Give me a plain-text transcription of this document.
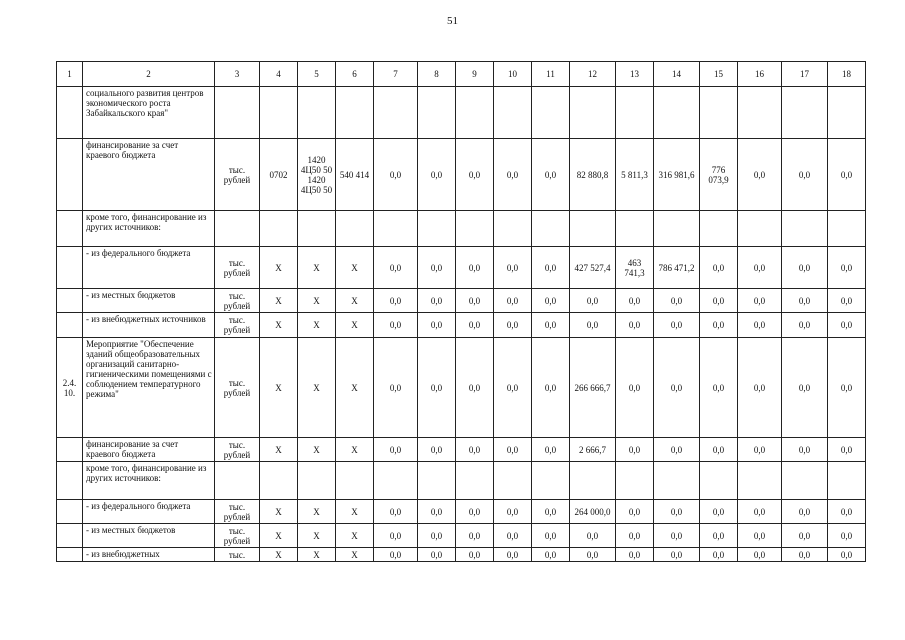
51
1	2	3	4	5	6	7	8	9	10	11	12	13	14	15	16	17	18
	социального развития центров экономического роста Забайкальского края"																
	финансирование за счет краевого бюджета	тыс. рублей	0702	1420 4Ц50 50 1420 4Ц50 50	540 414	0,0	0,0	0,0	0,0	0,0	82 880,8	5 811,3	316 981,6	776 073,9	0,0	0,0	0,0
	кроме того, финансирование из других источников:																
	- из федерального бюджета	тыс. рублей	X	X	X	0,0	0,0	0,0	0,0	0,0	427 527,4	463 741,3	786 471,2	0,0	0,0	0,0	0,0
	- из местных бюджетов	тыс. рублей	X	X	X	0,0	0,0	0,0	0,0	0,0	0,0	0,0	0,0	0,0	0,0	0,0	0,0
	- из внебюджетных источников	тыс. рублей	X	X	X	0,0	0,0	0,0	0,0	0,0	0,0	0,0	0,0	0,0	0,0	0,0	0,0
2.4. 10.	Мероприятие "Обеспечение зданий общеобразовательных организаций санитарно-гигиеническими помещениями с соблюдением температурного режима"	тыс. рублей	X	X	X	0,0	0,0	0,0	0,0	0,0	266 666,7	0,0	0,0	0,0	0,0	0,0	0,0
	финансирование за счет краевого бюджета	тыс. рублей	X	X	X	0,0	0,0	0,0	0,0	0,0	2 666,7	0,0	0,0	0,0	0,0	0,0	0,0
	кроме того, финансирование из других источников:																
	- из федерального бюджета	тыс. рублей	X	X	X	0,0	0,0	0,0	0,0	0,0	264 000,0	0,0	0,0	0,0	0,0	0,0	0,0
	- из местных бюджетов	тыс. рублей	X	X	X	0,0	0,0	0,0	0,0	0,0	0,0	0,0	0,0	0,0	0,0	0,0	0,0
	- из внебюджетных	тыс.	X	X	X	0,0	0,0	0,0	0,0	0,0	0,0	0,0	0,0	0,0	0,0	0,0	0,0
